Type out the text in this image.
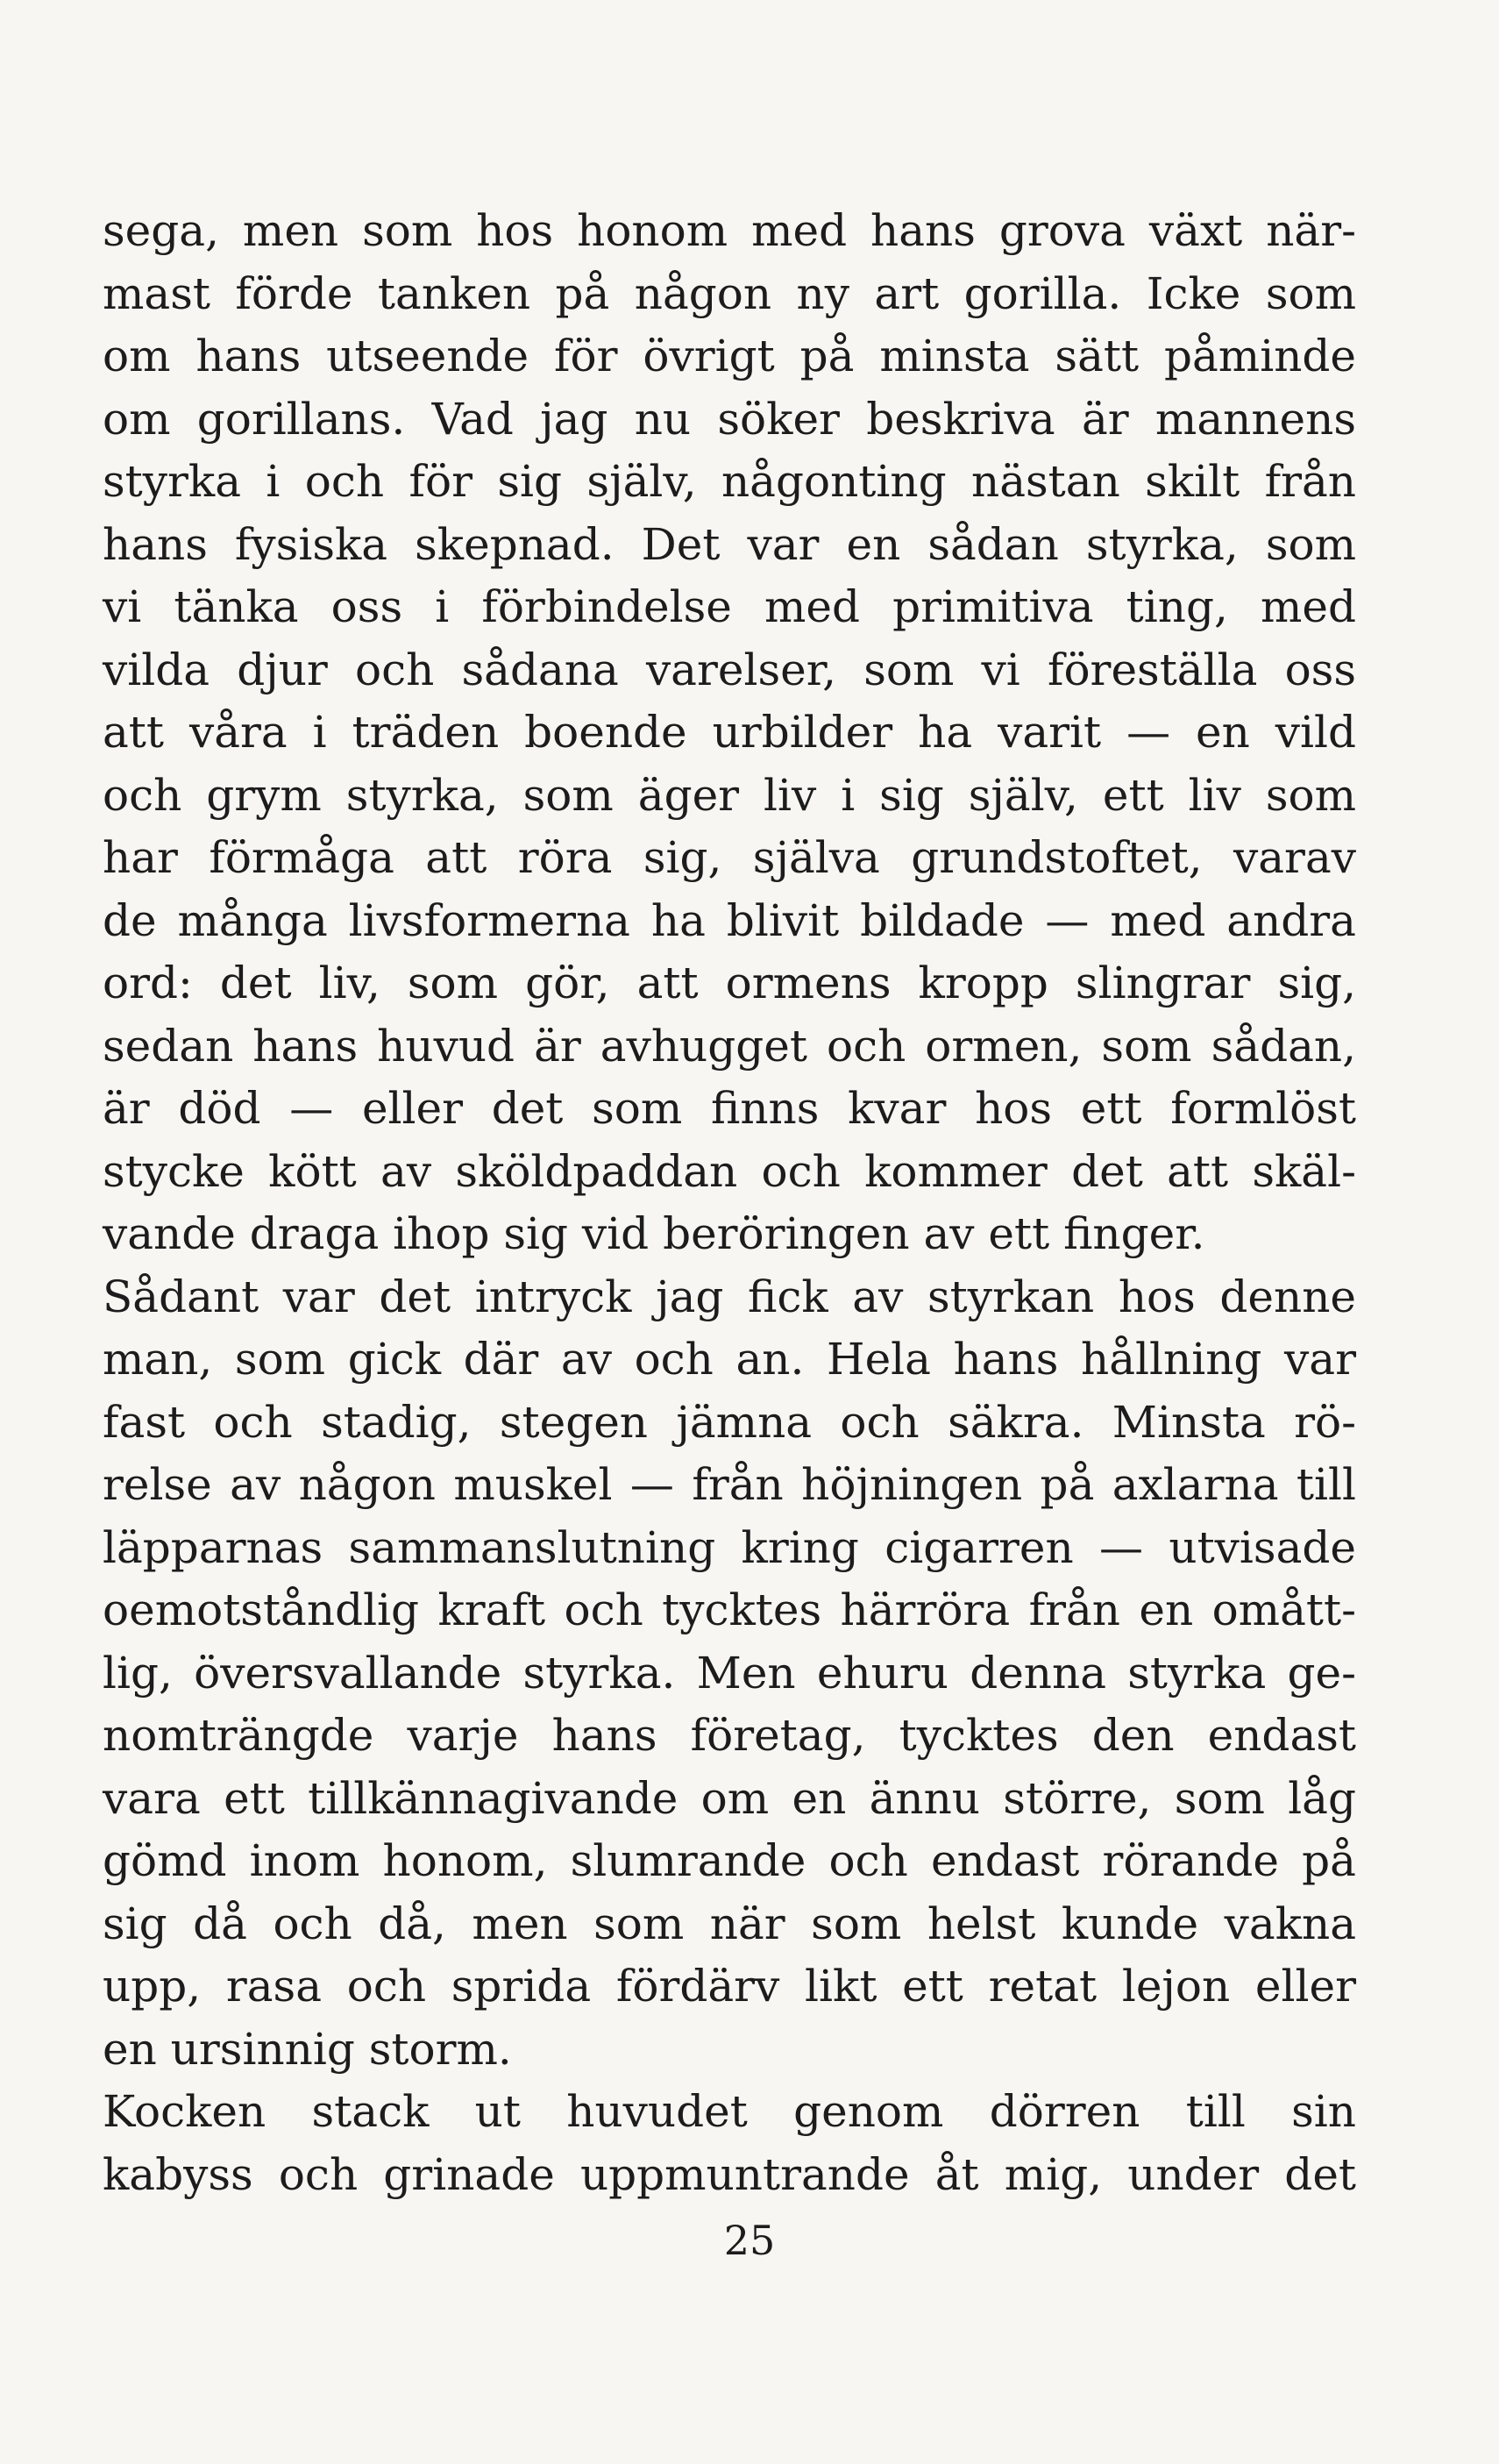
sega, men som hos honom med hans grova växt när-
mast förde tanken på någon ny art gorilla. Icke som
om hans utseende för övrigt på minsta sätt påminde
om gorillans. Vad jag nu söker beskriva är mannens
styrka i och för sig själv, någonting nästan skilt från
hans fysiska skepnad. Det var en sådan styrka, som
vi tänka oss i förbindelse med primitiva ting, med
vilda djur och sådana varelser, som vi föreställa oss
att våra i träden boende urbilder ha varit — en vild
och grym styrka, som äger liv i sig själv, ett liv som
har förmåga att röra sig, själva grundstoftet, varav
de många livsformerna ha blivit bildade — med andra
ord: det liv, som gör, att ormens kropp slingrar sig,
sedan hans huvud är avhugget och ormen, som sådan,
är död — eller det som finns kvar hos ett formlöst
stycke kött av sköldpaddan och kommer det att skäl-
vande draga ihop sig vid beröringen av ett finger.
Sådant var det intryck jag fick av styrkan hos denne
man, som gick där av och an. Hela hans hållning var
fast och stadig, stegen jämna och säkra. Minsta rö-
relse av någon muskel — från höjningen på axlarna till
läpparnas sammanslutning kring cigarren — utvisade
oemotståndlig kraft och tycktes härröra från en omått-
lig, översvallande styrka. Men ehuru denna styrka ge-
nomträngde varje hans företag, tycktes den endast
vara ett tillkännagivande om en ännu större, som låg
gömd inom honom, slumrande och endast rörande på
sig då och då, men som när som helst kunde vakna
upp, rasa och sprida fördärv likt ett retat lejon eller
en ursinnig storm.
Kocken stack ut huvudet genom dörren till sin
kabyss och grinade uppmuntrande åt mig, under det
25
